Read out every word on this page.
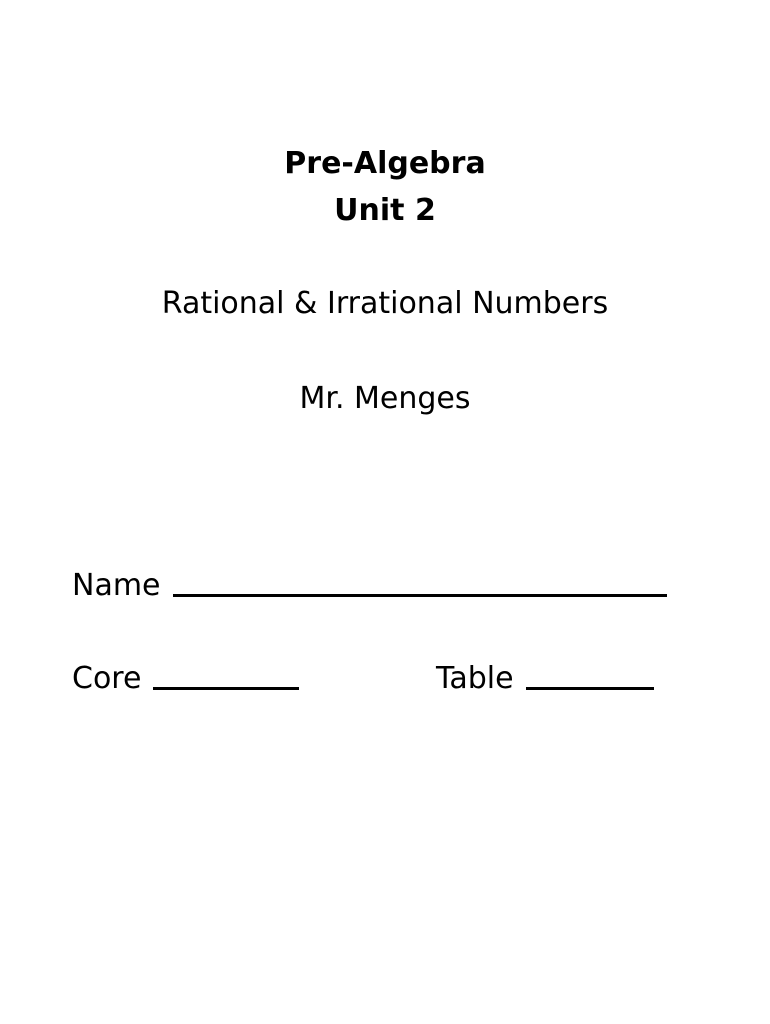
Pre-Algebra
Unit 2
Rational & Irrational Numbers
Mr. Menges
Name
Core	Table
